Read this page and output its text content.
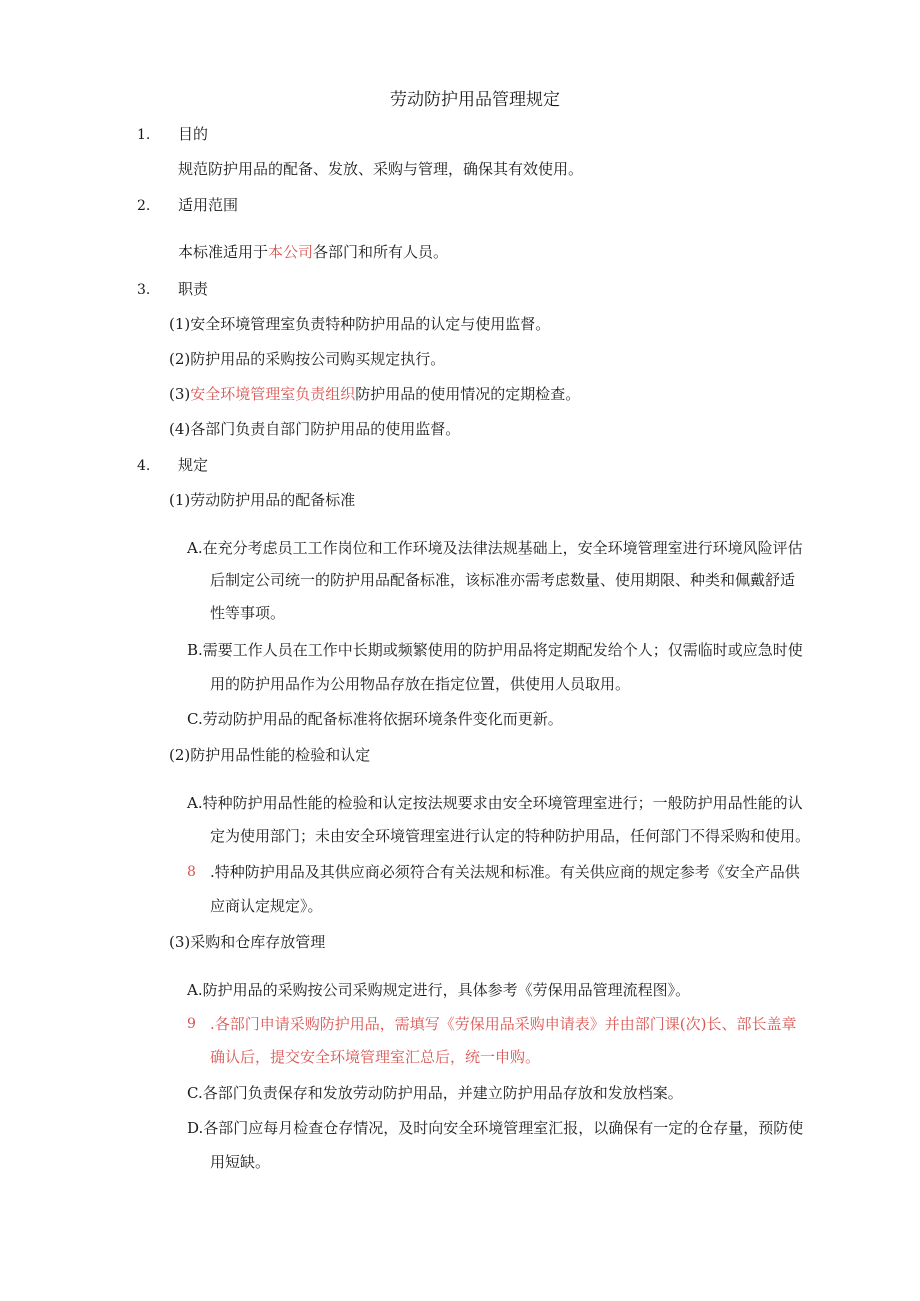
劳动防护用品管理规定
1. 目的
规范防护用品的配备、发放、采购与管理，确保其有效使用。
2. 适用范围
本标准适用于本公司各部门和所有人员。
3. 职责
(1)安全环境管理室负责特种防护用品的认定与使用监督。
(2)防护用品的采购按公司购买规定执行。
(3)安全环境管理室负责组织防护用品的使用情况的定期检查。
(4)各部门负责自部门防护用品的使用监督。
4. 规定
(1)劳动防护用品的配备标准
A.在充分考虑员工工作岗位和工作环境及法律法规基础上，安全环境管理室进行环境风险评估
后制定公司统一的防护用品配备标准，该标准亦需考虑数量、使用期限、种类和佩戴舒适
性等事项。
B.需要工作人员在工作中长期或频繁使用的防护用品将定期配发给个人；仅需临时或应急时使
用的防护用品作为公用物品存放在指定位置，供使用人员取用。
C.劳动防护用品的配备标准将依据环境条件变化而更新。
(2)防护用品性能的检验和认定
A.特种防护用品性能的检验和认定按法规要求由安全环境管理室进行；一般防护用品性能的认
定为使用部门；未由安全环境管理室进行认定的特种防护用品，任何部门不得采购和使用。
8 .特种防护用品及其供应商必须符合有关法规和标准。有关供应商的规定参考《安全产品供
应商认定规定》。
(3)采购和仓库存放管理
A.防护用品的采购按公司采购规定进行，具体参考《劳保用品管理流程图》。
9 .各部门申请采购防护用品，需填写《劳保用品采购申请表》并由部门课(次)长、部长盖章
确认后，提交安全环境管理室汇总后，统一申购。
C.各部门负责保存和发放劳动防护用品，并建立防护用品存放和发放档案。
D.各部门应每月检查仓存情况，及时向安全环境管理室汇报，以确保有一定的仓存量，预防使
用短缺。
